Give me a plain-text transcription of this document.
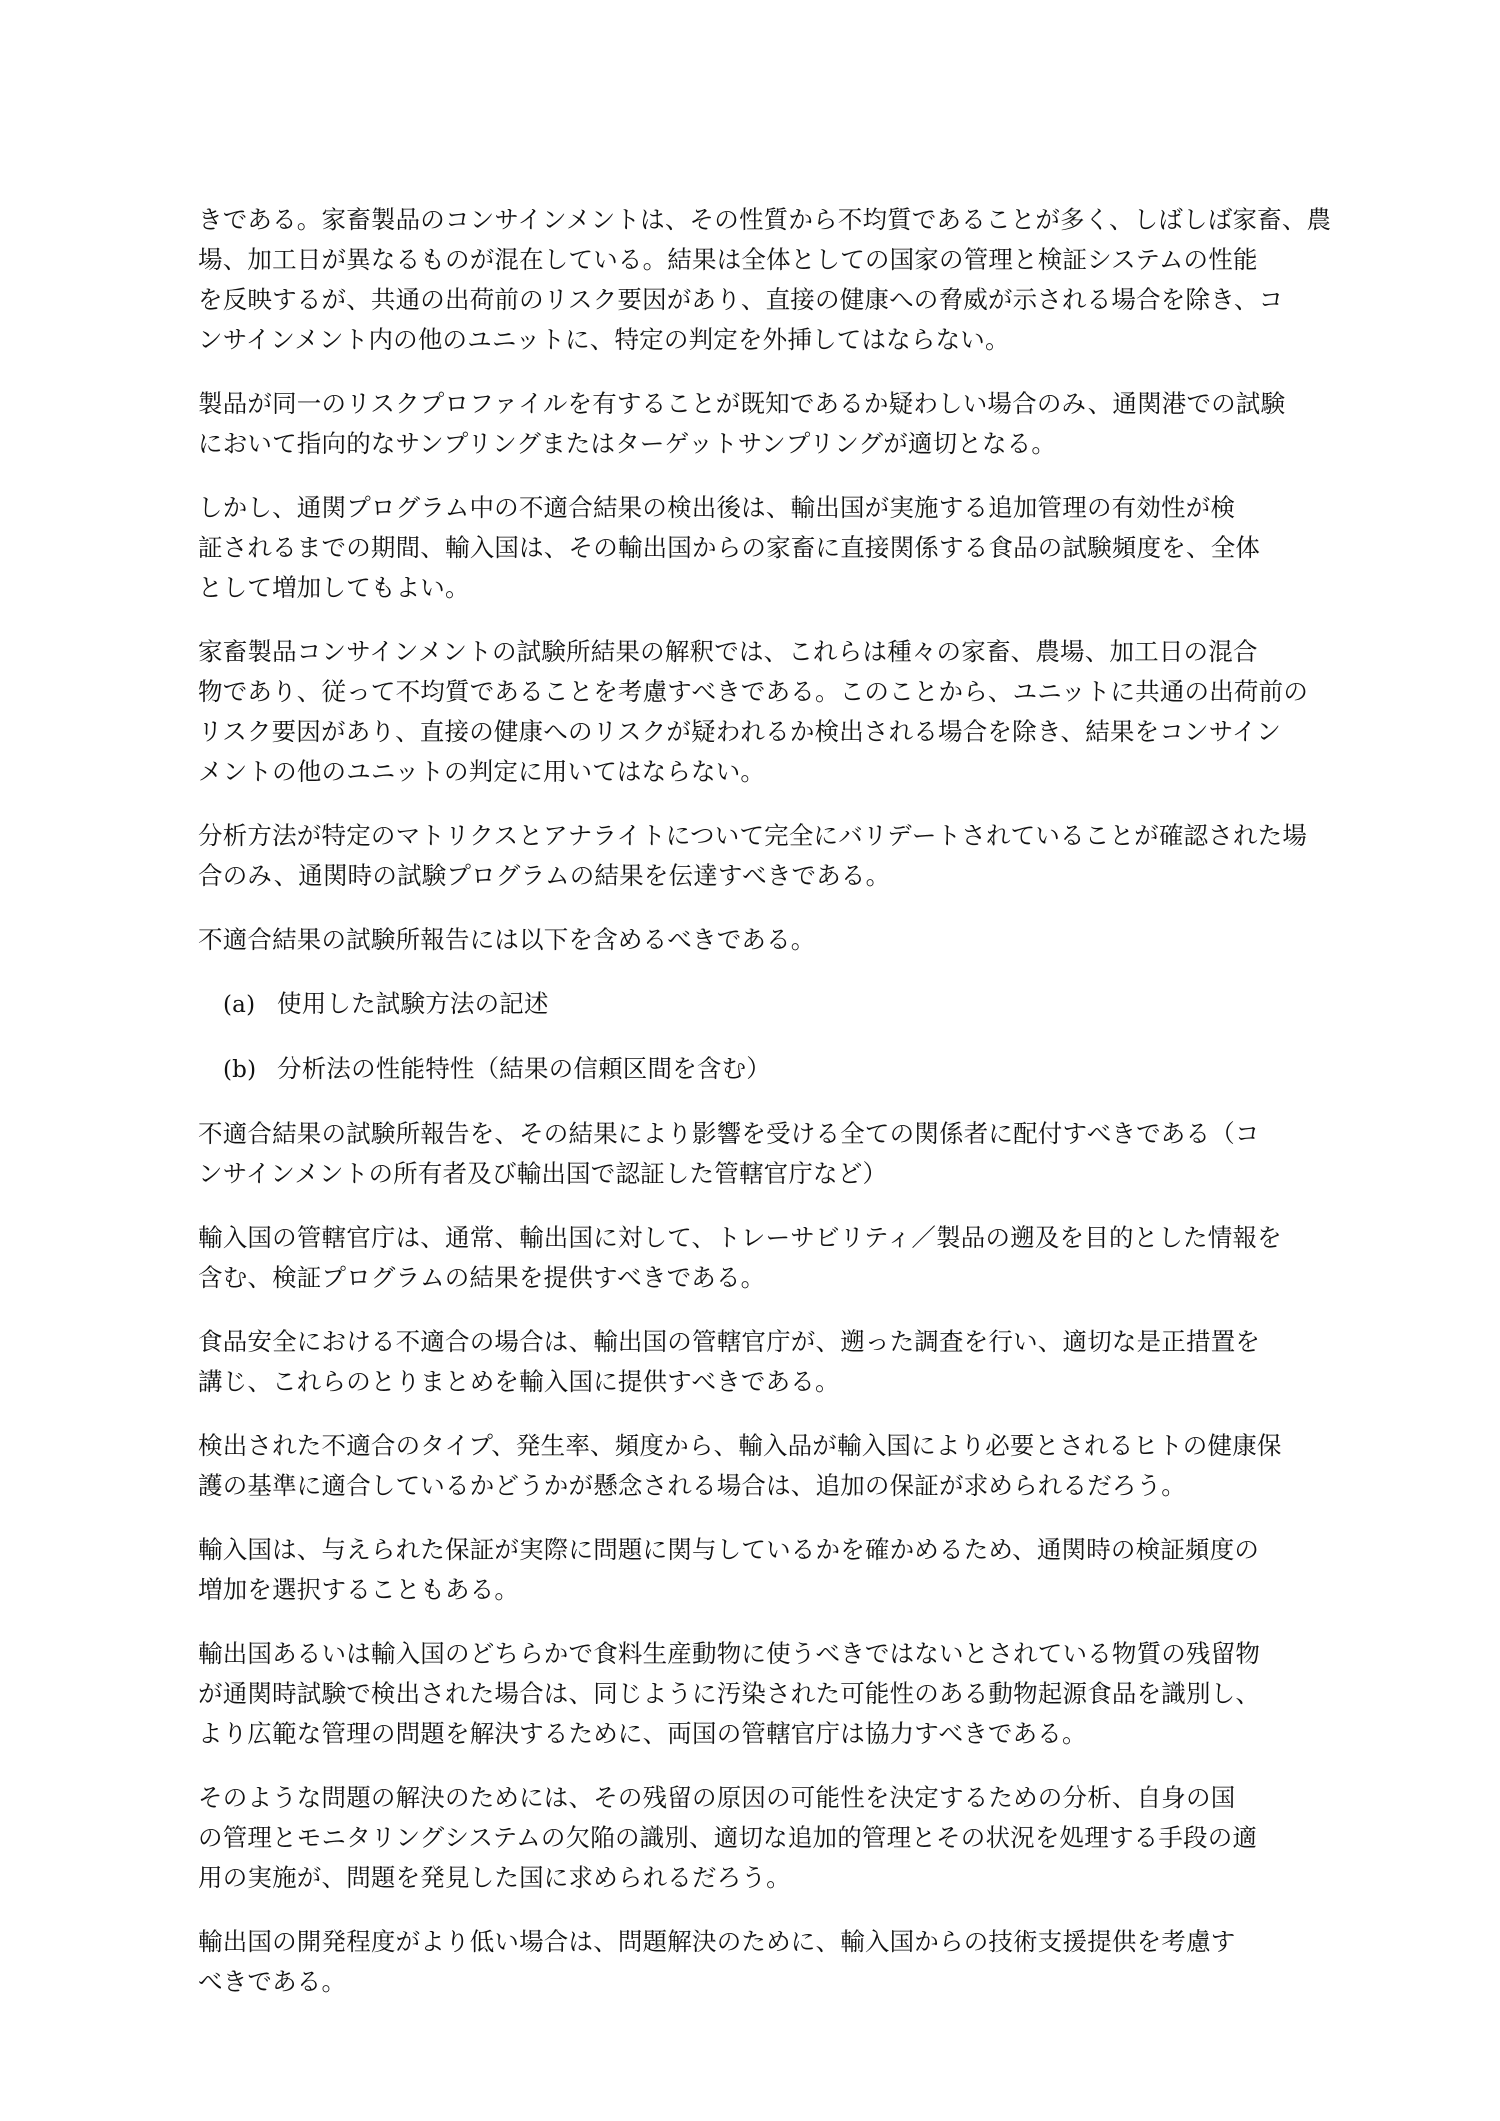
きである。家畜製品のコンサインメントは、その性質から不均質であることが多く、しばしば家畜、農
場、加工日が異なるものが混在している。結果は全体としての国家の管理と検証システムの性能
を反映するが、共通の出荷前のリスク要因があり、直接の健康への脅威が示される場合を除き、コ
ンサインメント内の他のユニットに、特定の判定を外挿してはならない。

製品が同一のリスクプロファイルを有することが既知であるか疑わしい場合のみ、通関港での試験
において指向的なサンプリングまたはターゲットサンプリングが適切となる。

しかし、通関プログラム中の不適合結果の検出後は、輸出国が実施する追加管理の有効性が検
証されるまでの期間、輸入国は、その輸出国からの家畜に直接関係する食品の試験頻度を、全体
として増加してもよい。

家畜製品コンサインメントの試験所結果の解釈では、これらは種々の家畜、農場、加工日の混合
物であり、従って不均質であることを考慮すべきである。このことから、ユニットに共通の出荷前の
リスク要因があり、直接の健康へのリスクが疑われるか検出される場合を除き、結果をコンサイン
メントの他のユニットの判定に用いてはならない。

分析方法が特定のマトリクスとアナライトについて完全にバリデートされていることが確認された場
合のみ、通関時の試験プログラムの結果を伝達すべきである。

不適合結果の試験所報告には以下を含めるべきである。

(a) 使用した試験方法の記述
(b) 分析法の性能特性（結果の信頼区間を含む）

不適合結果の試験所報告を、その結果により影響を受ける全ての関係者に配付すべきである（コ
ンサインメントの所有者及び輸出国で認証した管轄官庁など）

輸入国の管轄官庁は、通常、輸出国に対して、トレーサビリティ／製品の遡及を目的とした情報を
含む、検証プログラムの結果を提供すべきである。

食品安全における不適合の場合は、輸出国の管轄官庁が、遡った調査を行い、適切な是正措置を
講じ、これらのとりまとめを輸入国に提供すべきである。

検出された不適合のタイプ、発生率、頻度から、輸入品が輸入国により必要とされるヒトの健康保
護の基準に適合しているかどうかが懸念される場合は、追加の保証が求められるだろう。

輸入国は、与えられた保証が実際に問題に関与しているかを確かめるため、通関時の検証頻度の
増加を選択することもある。

輸出国あるいは輸入国のどちらかで食料生産動物に使うべきではないとされている物質の残留物
が通関時試験で検出された場合は、同じように汚染された可能性のある動物起源食品を識別し、
より広範な管理の問題を解決するために、両国の管轄官庁は協力すべきである。

そのような問題の解決のためには、その残留の原因の可能性を決定するための分析、自身の国
の管理とモニタリングシステムの欠陥の識別、適切な追加的管理とその状況を処理する手段の適
用の実施が、問題を発見した国に求められるだろう。

輸出国の開発程度がより低い場合は、問題解決のために、輸入国からの技術支援提供を考慮す
べきである。
